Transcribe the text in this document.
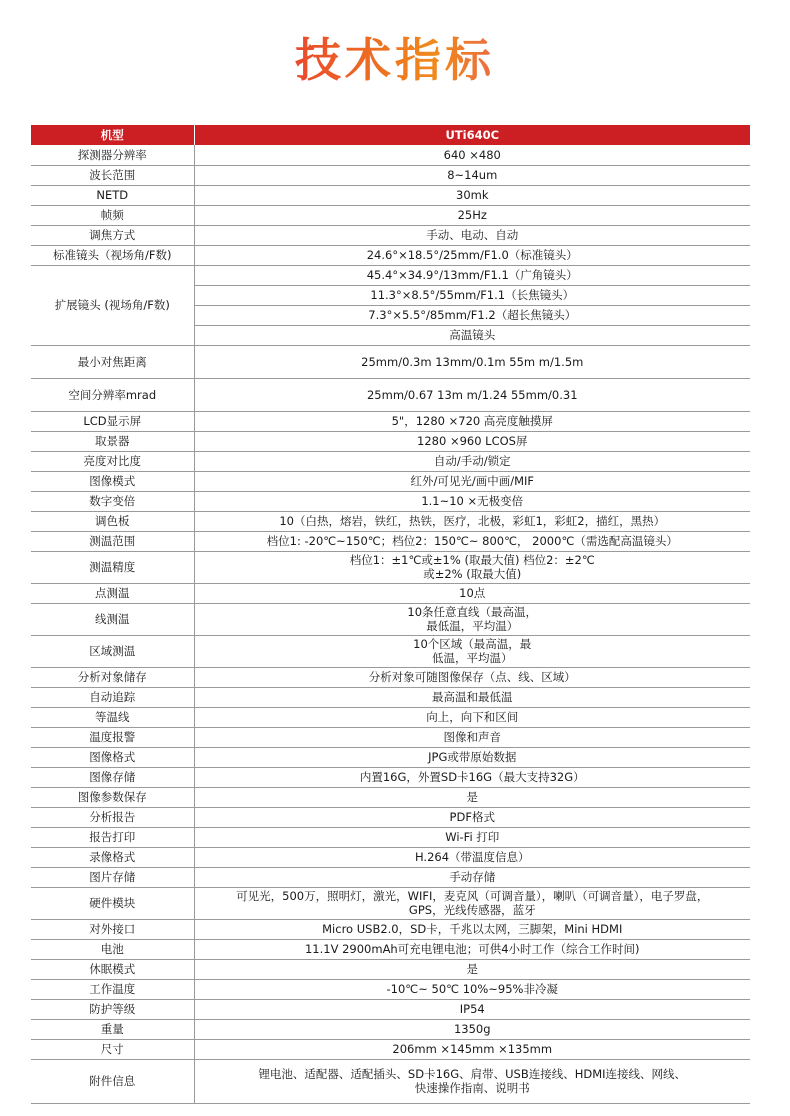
技术指标
机型	UTi640C
探测器分辨率	640 ×480
波长范围	8~14um
NETD	30mk
帧频	25Hz
调焦方式	手动、电动、自动
标准镜头（视场角/F数)	24.6°×18.5°/25mm/F1.0（标准镜头）
扩展镜头 (视场角/F数)	45.4°×34.9°/13mm/F1.1（广角镜头）
	11.3°×8.5°/55mm/F1.1（长焦镜头）
	7.3°×5.5°/85mm/F1.2（超长焦镜头）
	高温镜头
最小对焦距离	25mm/0.3m 13mm/0.1m 55m m/1.5m
空间分辨率mrad	25mm/0.67 13m m/1.24 55mm/0.31
LCD显示屏	5"，1280 ×720 高亮度触摸屏
取景器	1280 ×960 LCOS屏
亮度对比度	自动/手动/锁定
图像模式	红外/可见光/画中画/MIF
数字变倍	1.1~10 ×无极变倍
调色板	10（白热，熔岩，铁红，热铁，医疗，北极，彩虹1，彩虹2，描红，黑热）
测温范围	档位1: -20℃~150℃；档位2：150℃~ 800℃， 2000℃（需选配高温镜头）
测温精度	档位1：±1℃或±1% (取最大值) 档位2：±2℃
或±2% (取最大值)
点测温	10点
线测温	10条任意直线（最高温，
最低温，平均温）
区域测温	10个区域（最高温，最
低温，平均温）
分析对象储存	分析对象可随图像保存（点、线、区域）
自动追踪	最高温和最低温
等温线	向上，向下和区间
温度报警	图像和声音
图像格式	JPG或带原始数据
图像存储	内置16G，外置SD卡16G（最大支持32G）
图像参数保存	是
分析报告	PDF格式
报告打印	Wi-Fi 打印
录像格式	H.264（带温度信息）
图片存储	手动存储
硬件模块	可见光，500万，照明灯，激光，WIFI，麦克风（可调音量），喇叭（可调音量），电子罗盘，
GPS，光线传感器，蓝牙
对外接口	Micro USB2.0，SD卡，千兆以太网，三脚架，Mini HDMI
电池	11.1V 2900mAh可充电锂电池；可供4小时工作（综合工作时间)
休眠模式	是
工作温度	-10℃~ 50℃ 10%~95%非冷凝
防护等级	IP54
重量	1350g
尺寸	206mm ×145mm ×135mm
附件信息	锂电池、适配器、适配插头、SD卡16G、肩带、USB连接线、HDMI连接线、网线、
快速操作指南、说明书
